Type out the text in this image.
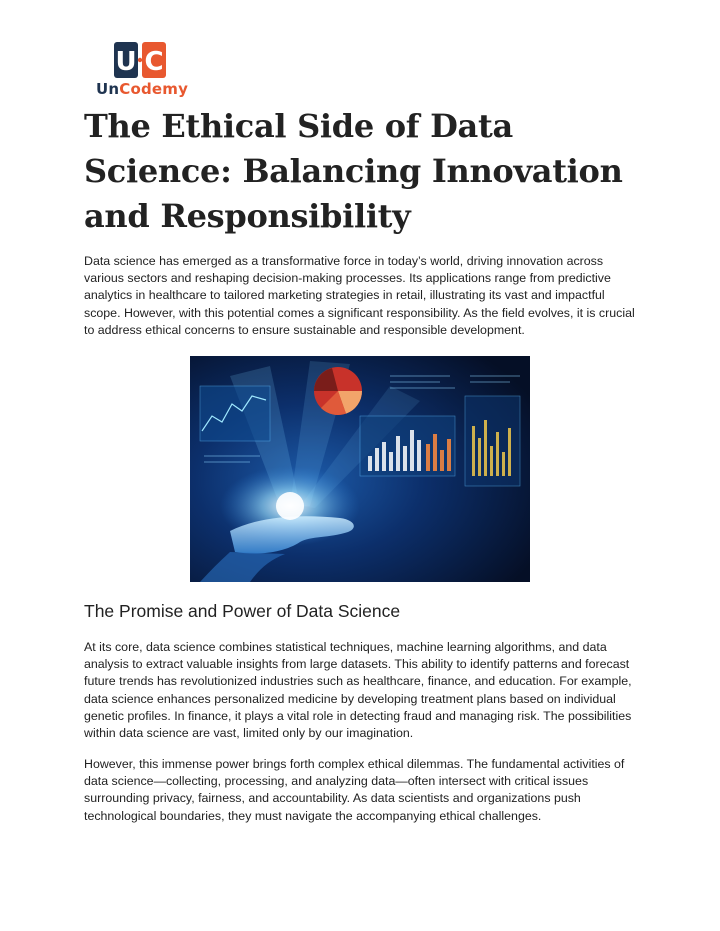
U C
UnCodemy
The Ethical Side of Data Science: Balancing Innovation and Responsibility

Data science has emerged as a transformative force in today’s world, driving innovation across various sectors and reshaping decision-making processes. Its applications range from predictive analytics in healthcare to tailored marketing strategies in retail, illustrating its vast and impactful scope. However, with this potential comes a significant responsibility. As the field evolves, it is crucial to address ethical concerns to ensure sustainable and responsible development.

The Promise and Power of Data Science

At its core, data science combines statistical techniques, machine learning algorithms, and data analysis to extract valuable insights from large datasets. This ability to identify patterns and forecast future trends has revolutionized industries such as healthcare, finance, and education. For example, data science enhances personalized medicine by developing treatment plans based on individual genetic profiles. In finance, it plays a vital role in detecting fraud and managing risk. The possibilities within data science are vast, limited only by our imagination.

However, this immense power brings forth complex ethical dilemmas. The fundamental activities of data science—collecting, processing, and analyzing data—often intersect with critical issues surrounding privacy, fairness, and accountability. As data scientists and organizations push technological boundaries, they must navigate the accompanying ethical challenges.
